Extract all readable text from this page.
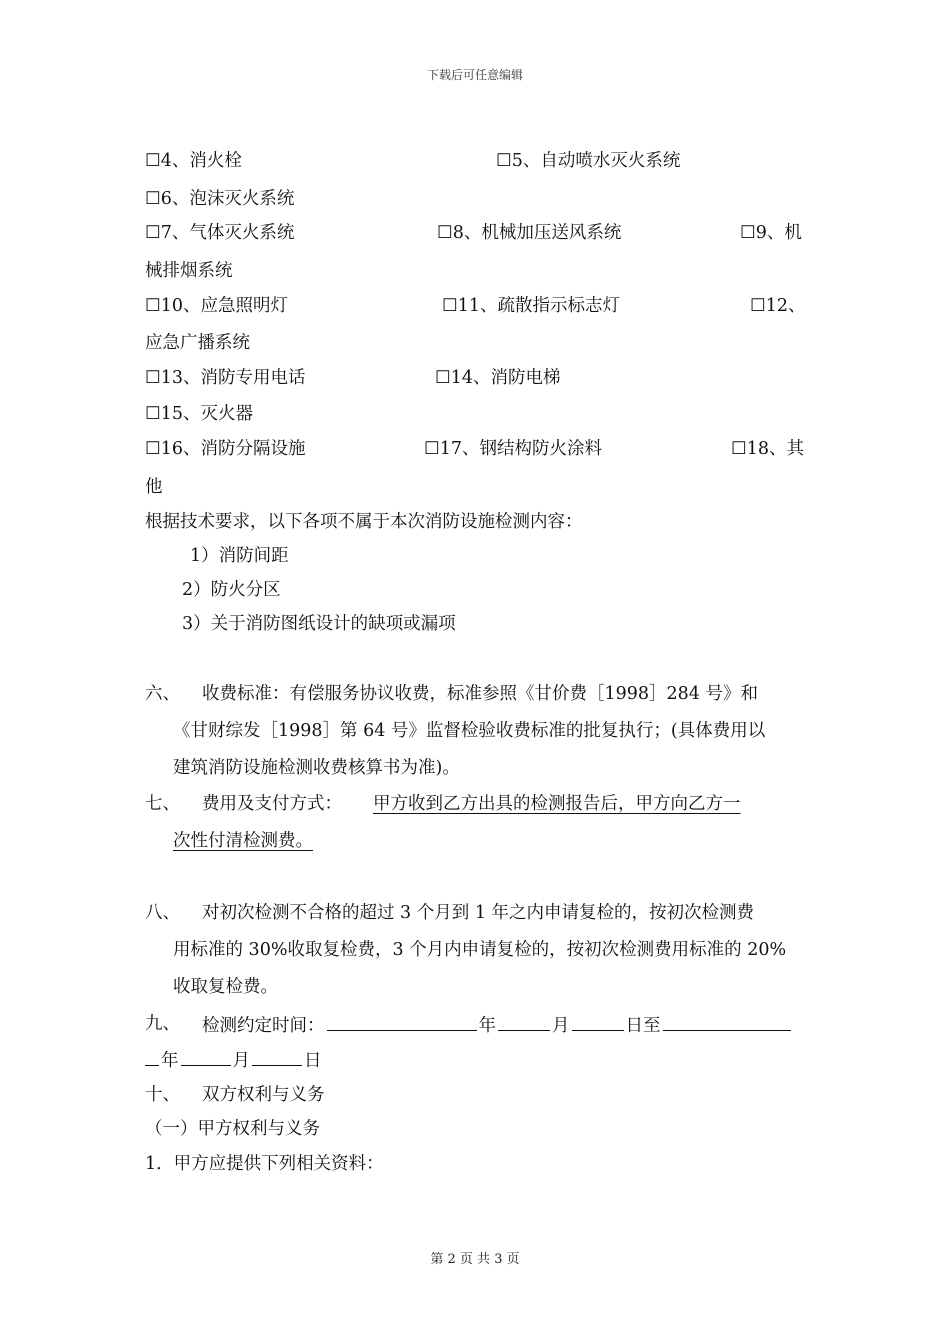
下载后可任意编辑
☐4、消火栓	☐5、自动喷水灭火系统
☐6、泡沫灭火系统
☐7、气体灭火系统	☐8、机械加压送风系统	☐9、机
械排烟系统
☐10、应急照明灯	☐11、疏散指示标志灯	☐12、
应急广播系统
☐13、消防专用电话	☐14、消防电梯
☐15、灭火器
☐16、消防分隔设施	☐17、钢结构防火涂料	☐18、其
他
根据技术要求，以下各项不属于本次消防设施检测内容：
1）消防间距
2）防火分区
3）关于消防图纸设计的缺项或漏项
六、 收费标准：有偿服务协议收费，标准参照《甘价费［1998］284 号》和
《甘财综发［1998］第 64 号》监督检验收费标准的批复执行；(具体费用以
建筑消防设施检测收费核算书为准)。
七、 费用及支付方式： 甲方收到乙方出具的检测报告后，甲方向乙方一
次性付清检测费。
八、 对初次检测不合格的超过 3 个月到 1 年之内申请复检的，按初次检测费
用标准的 30%收取复检费，3 个月内申请复检的，按初次检测费用标准的 20%
收取复检费。
九、 检测约定时间：	年	月	日至
年	月	日
十、 双方权利与义务
（一）甲方权利与义务
1．甲方应提供下列相关资料：
第 2 页 共 3 页
